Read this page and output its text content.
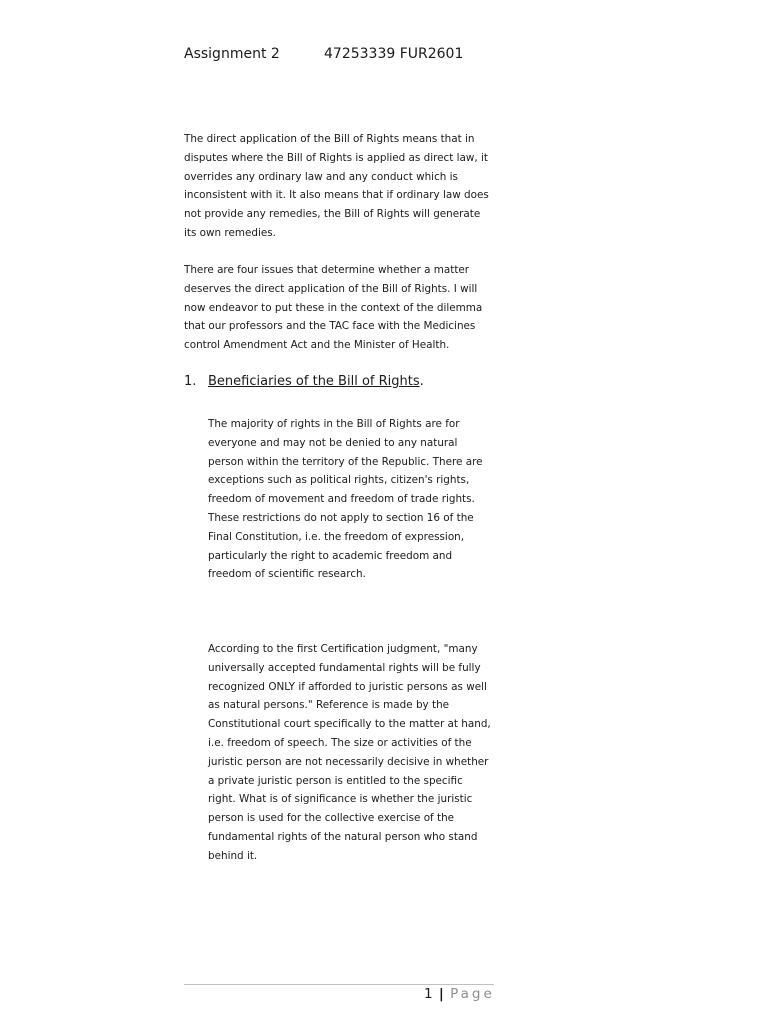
Assignment 2	47253339 FUR2601
The direct application of the Bill of Rights means that in
disputes where the Bill of Rights is applied as direct law, it
overrides any ordinary law and any conduct which is
inconsistent with it. It also means that if ordinary law does
not provide any remedies, the Bill of Rights will generate
its own remedies.
There are four issues that determine whether a matter
deserves the direct application of the Bill of Rights. I will
now endeavor to put these in the context of the dilemma
that our professors and the TAC face with the Medicines
control Amendment Act and the Minister of Health.
1. Beneficiaries of the Bill of Rights.
The majority of rights in the Bill of Rights are for
everyone and may not be denied to any natural
person within the territory of the Republic. There are
exceptions such as political rights, citizen's rights,
freedom of movement and freedom of trade rights.
These restrictions do not apply to section 16 of the
Final Constitution, i.e. the freedom of expression,
particularly the right to academic freedom and
freedom of scientific research.
According to the first Certification judgment, "many
universally accepted fundamental rights will be fully
recognized ONLY if afforded to juristic persons as well
as natural persons." Reference is made by the
Constitutional court specifically to the matter at hand,
i.e. freedom of speech. The size or activities of the
juristic person are not necessarily decisive in whether
a private juristic person is entitled to the specific
right. What is of significance is whether the juristic
person is used for the collective exercise of the
fundamental rights of the natural person who stand
behind it.
1 | Page
